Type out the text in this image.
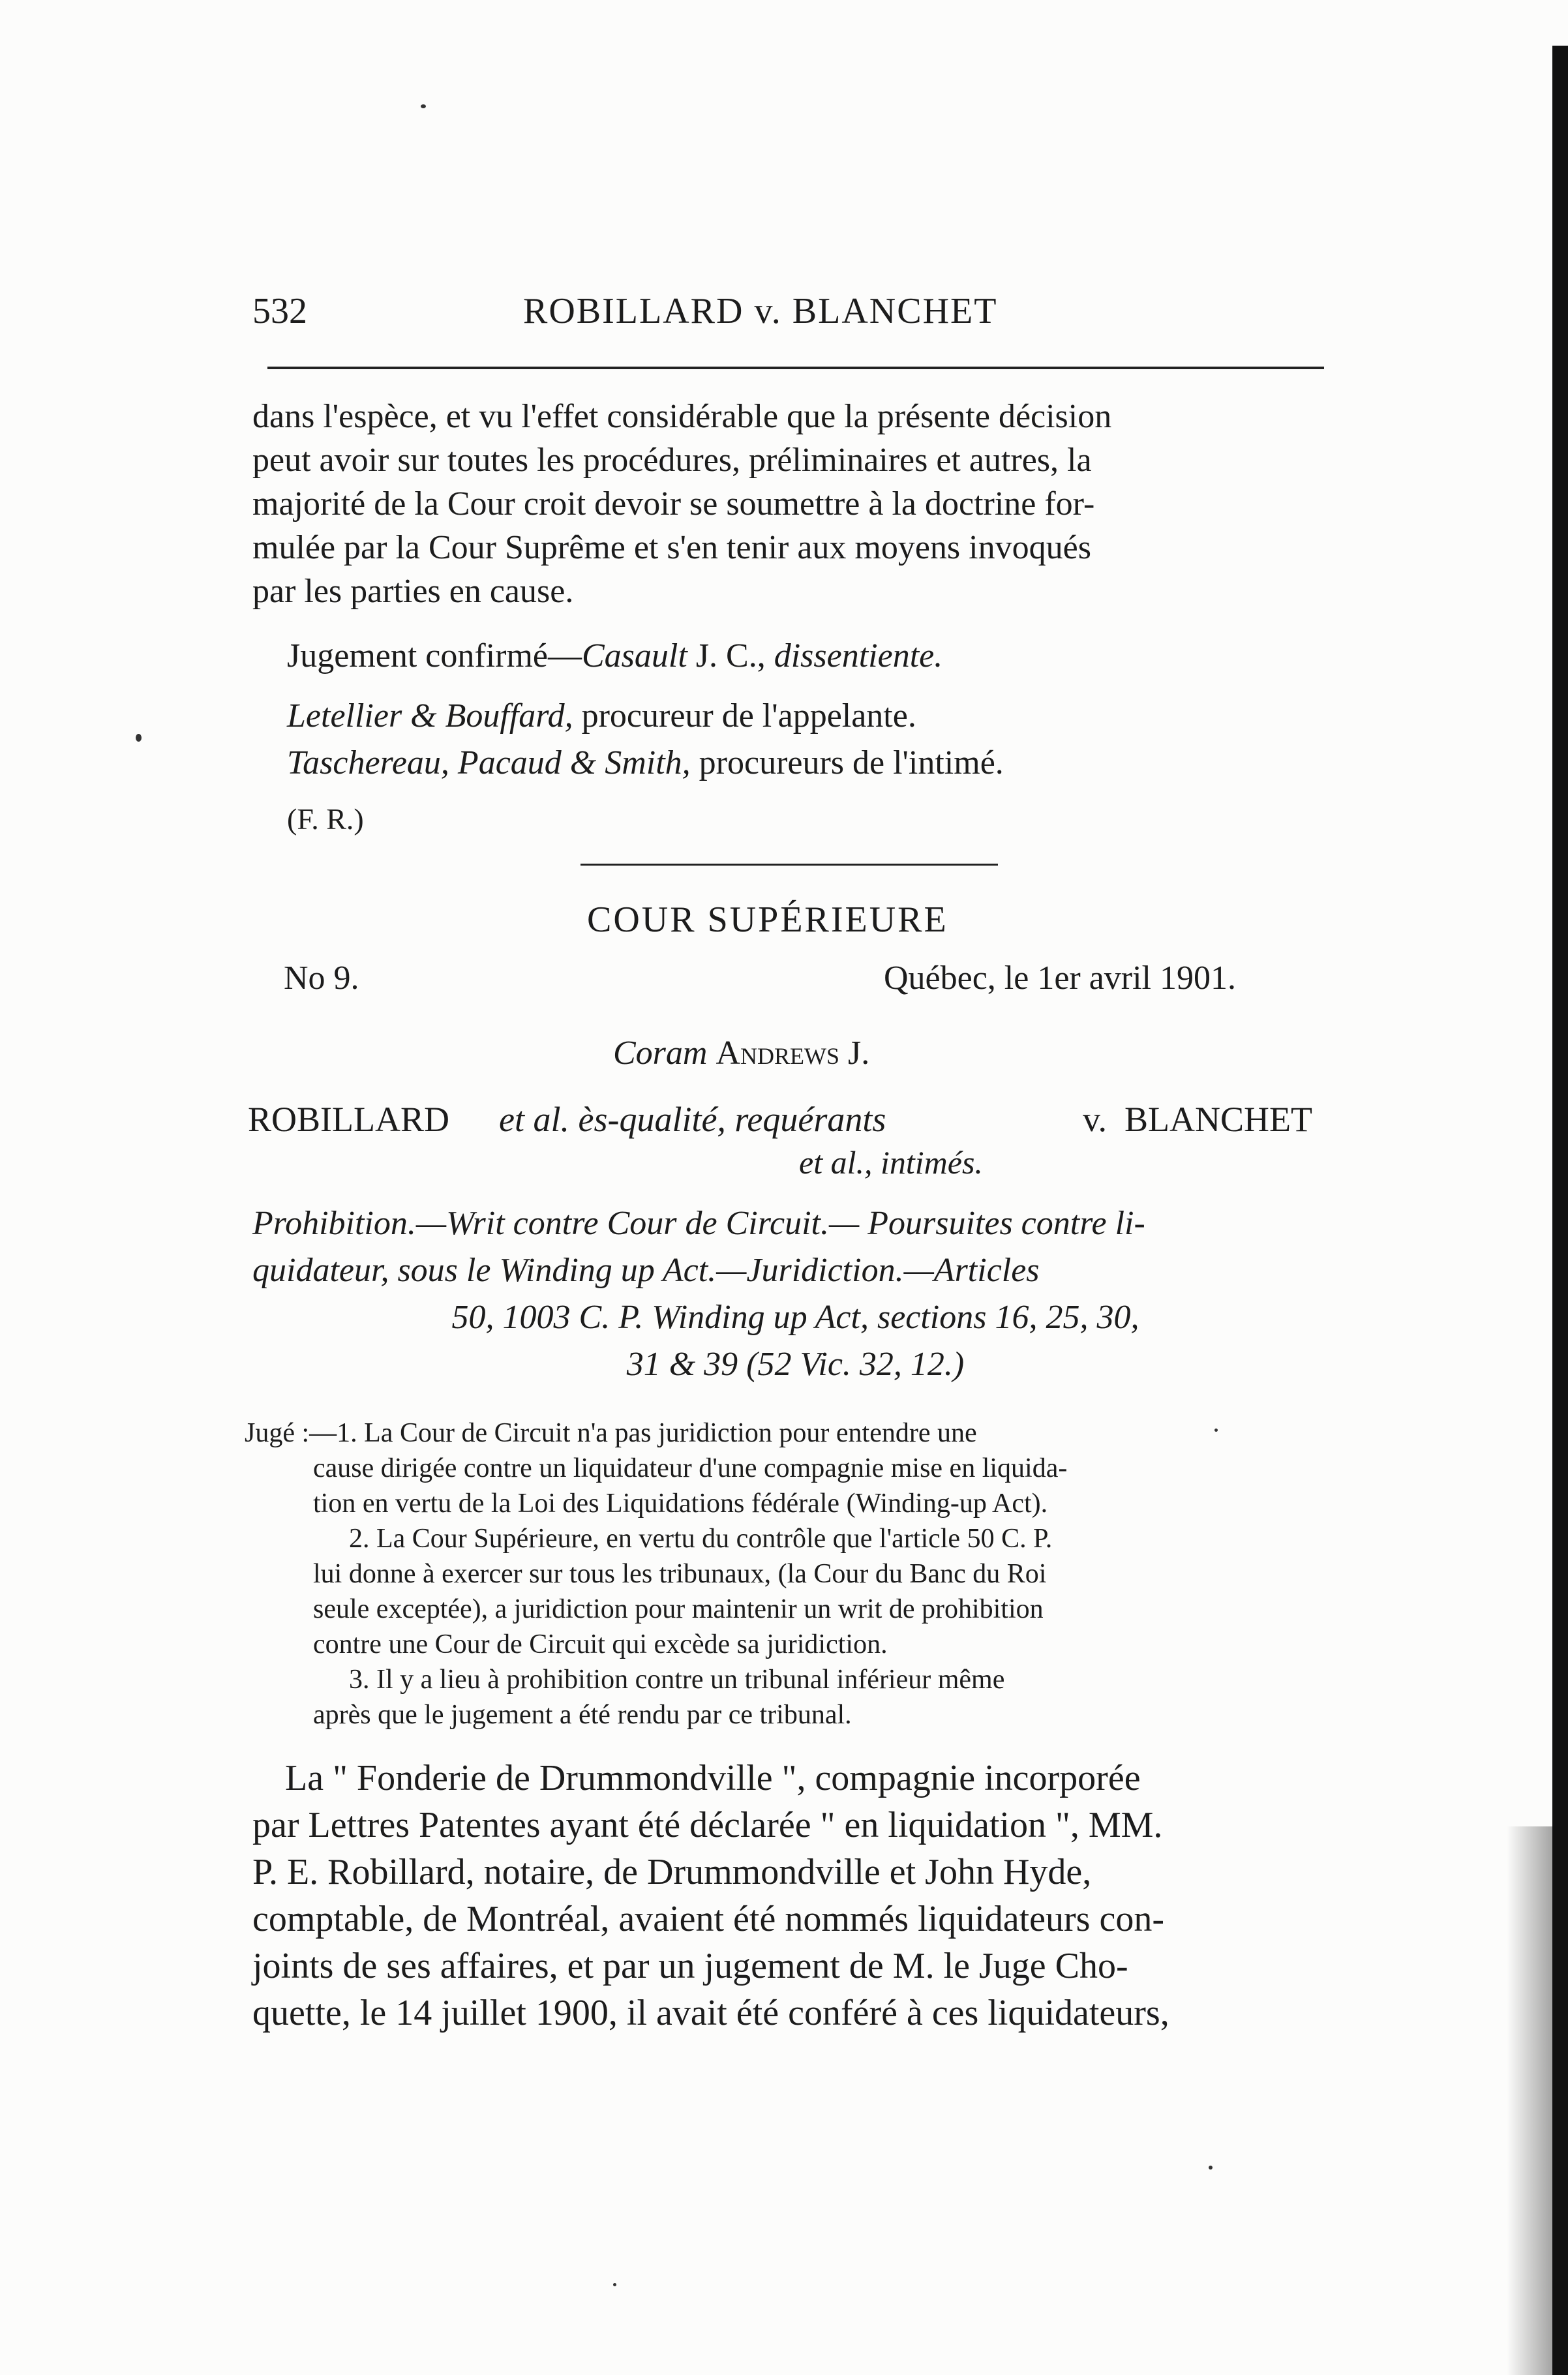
532	ROBILLARD v. BLANCHET
dans l'espèce, et vu l'effet considérable que la présente décision
peut avoir sur toutes les procédures, préliminaires et autres, la
majorité de la Cour croit devoir se soumettre à la doctrine for-
mulée par la Cour Suprême et s'en tenir aux moyens invoqués
par les parties en cause.
Jugement confirmé—Casault J. C., dissentiente.
Letellier & Bouffard, procureur de l'appelante.
Taschereau, Pacaud & Smith, procureurs de l'intimé.
(F. R.)
COUR SUPÉRIEURE
No 9.	Québec, le 1er avril 1901.
Coram Andrews J.
ROBILLARD et al. ès-qualité, requérants	v. BLANCHET
et al., intimés.
Prohibition.—Writ contre Cour de Circuit.— Poursuites contre li-
quidateur, sous le Winding up Act.—Juridiction.—Articles
50, 1003 C. P. Winding up Act, sections 16, 25, 30,
31 & 39 (52 Vic. 32, 12.)
Jugé :—1. La Cour de Circuit n'a pas juridiction pour entendre une
cause dirigée contre un liquidateur d'une compagnie mise en liquida-
tion en vertu de la Loi des Liquidations fédérale (Winding-up Act).
2. La Cour Supérieure, en vertu du contrôle que l'article 50 C. P.
lui donne à exercer sur tous les tribunaux, (la Cour du Banc du Roi
seule exceptée), a juridiction pour maintenir un writ de prohibition
contre une Cour de Circuit qui excède sa juridiction.
3. Il y a lieu à prohibition contre un tribunal inférieur même
après que le jugement a été rendu par ce tribunal.
La " Fonderie de Drummondville ", compagnie incorporée
par Lettres Patentes ayant été déclarée " en liquidation ", MM.
P. E. Robillard, notaire, de Drummondville et John Hyde,
comptable, de Montréal, avaient été nommés liquidateurs con-
joints de ses affaires, et par un jugement de M. le Juge Cho-
quette, le 14 juillet 1900, il avait été conféré à ces liquidateurs,
